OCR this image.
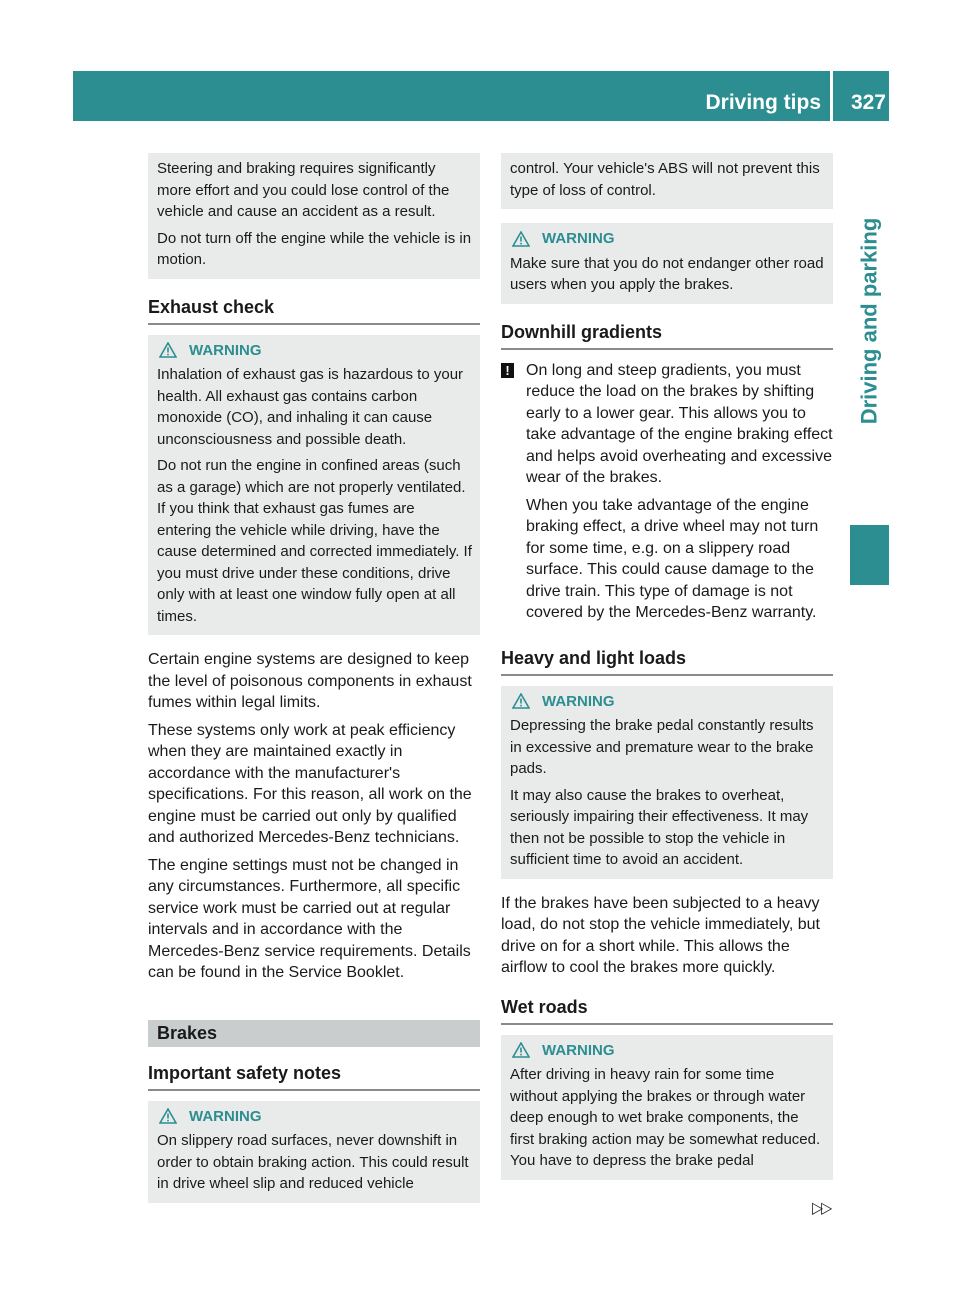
Driving tips 327
Driving and parking

Steering and braking requires significantly more effort and you could lose control of the vehicle and cause an accident as a result.

Do not turn off the engine while the vehicle is in motion.

Exhaust check
WARNING

Inhalation of exhaust gas is hazardous to your health. All exhaust gas contains carbon monoxide (CO), and inhaling it can cause unconsciousness and possible death.

Do not run the engine in confined areas (such as a garage) which are not properly ventilated. If you think that exhaust gas fumes are entering the vehicle while driving, have the cause determined and corrected immediately. If you must drive under these conditions, drive only with at least one window fully open at all times.

Certain engine systems are designed to keep the level of poisonous components in exhaust fumes within legal limits.

These systems only work at peak efficiency when they are maintained exactly in accordance with the manufacturer's specifications. For this reason, all work on the engine must be carried out only by qualified and authorized Mercedes-Benz technicians.

The engine settings must not be changed in any circumstances. Furthermore, all specific service work must be carried out at regular intervals and in accordance with the Mercedes-Benz service requirements. Details can be found in the Service Booklet.

Brakes
Important safety notes
WARNING

On slippery road surfaces, never downshift in order to obtain braking action. This could result in drive wheel slip and reduced vehicle

control. Your vehicle's ABS will not prevent this type of loss of control.

WARNING

Make sure that you do not endanger other road users when you apply the brakes.

Downhill gradients
! On long and steep gradients, you must reduce the load on the brakes by shifting early to a lower gear. This allows you to take advantage of the engine braking effect and helps avoid overheating and excessive wear of the brakes.

When you take advantage of the engine braking effect, a drive wheel may not turn for some time, e.g. on a slippery road surface. This could cause damage to the drive train. This type of damage is not covered by the Mercedes-Benz warranty.

Heavy and light loads
WARNING

Depressing the brake pedal constantly results in excessive and premature wear to the brake pads.

It may also cause the brakes to overheat, seriously impairing their effectiveness. It may then not be possible to stop the vehicle in sufficient time to avoid an accident.

If the brakes have been subjected to a heavy load, do not stop the vehicle immediately, but drive on for a short while. This allows the airflow to cool the brakes more quickly.

Wet roads
WARNING

After driving in heavy rain for some time without applying the brakes or through water deep enough to wet brake components, the first braking action may be somewhat reduced. You have to depress the brake pedal

▷▷
